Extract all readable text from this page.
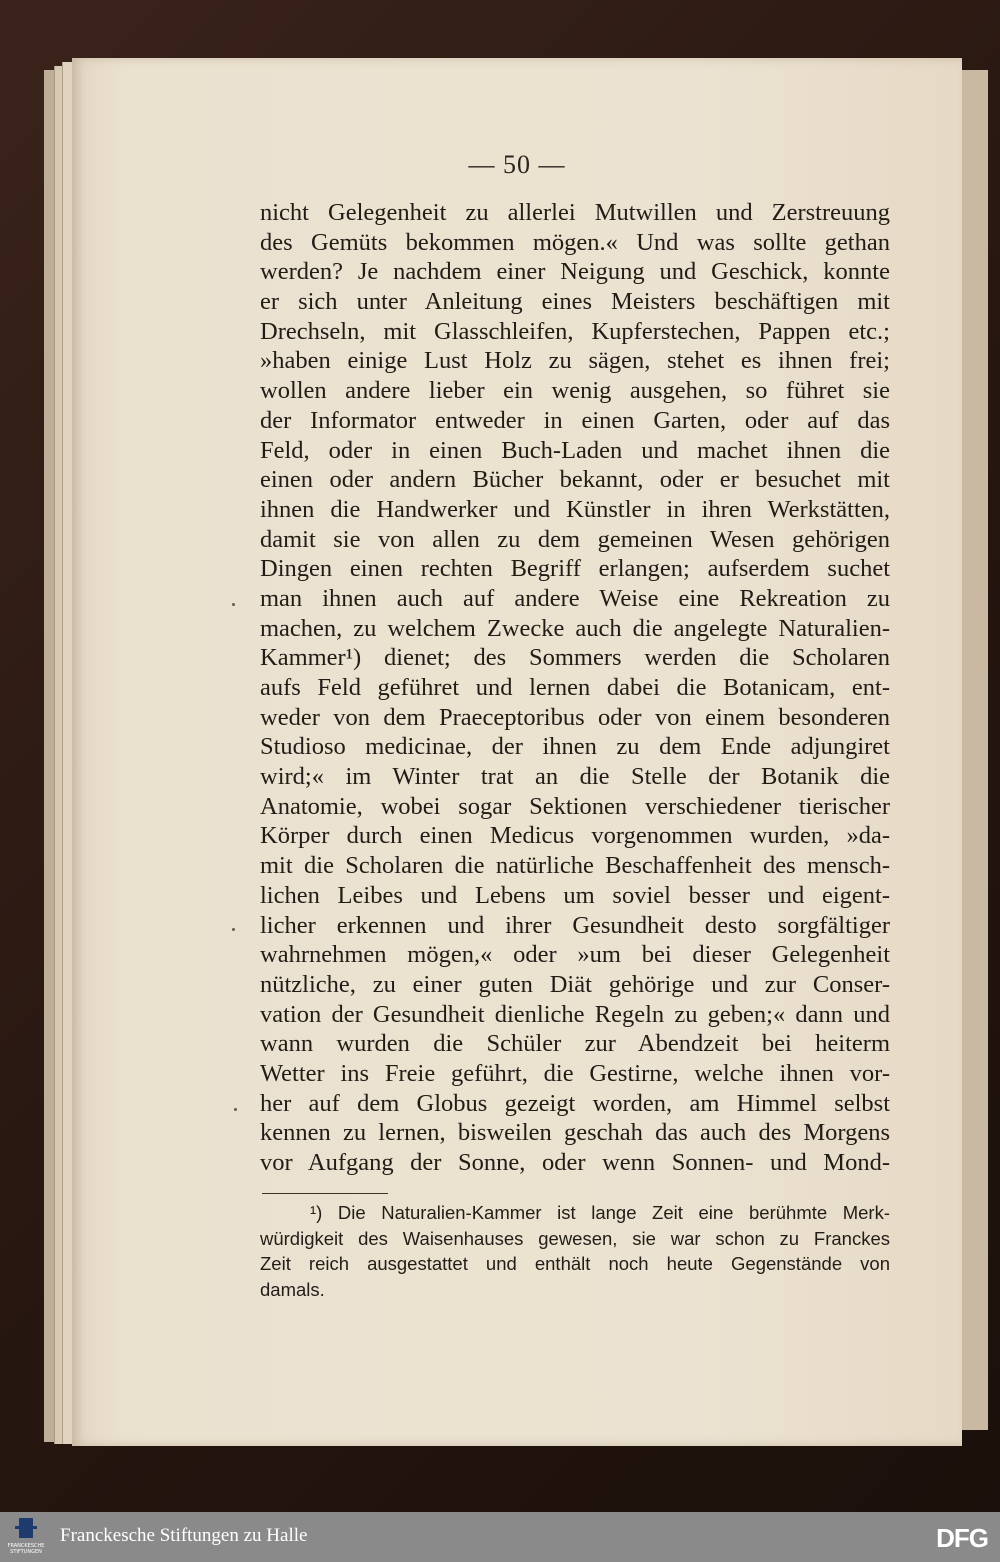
— 50 —
nicht Gelegenheit zu allerlei Mutwillen und Zerstreuung
des Gemüts bekommen mögen.« Und was sollte gethan
werden? Je nachdem einer Neigung und Geschick, konnte
er sich unter Anleitung eines Meisters beschäftigen mit
Drechseln, mit Glasschleifen, Kupferstechen, Pappen etc.;
»haben einige Lust Holz zu sägen, stehet es ihnen frei;
wollen andere lieber ein wenig ausgehen, so führet sie
der Informator entweder in einen Garten, oder auf das
Feld, oder in einen Buch-Laden und machet ihnen die
einen oder andern Bücher bekannt, oder er besuchet mit
ihnen die Handwerker und Künstler in ihren Werkstätten,
damit sie von allen zu dem gemeinen Wesen gehörigen
Dingen einen rechten Begriff erlangen; aufserdem suchet
man ihnen auch auf andere Weise eine Rekreation zu
machen, zu welchem Zwecke auch die angelegte Naturalien-
Kammer¹) dienet; des Sommers werden die Scholaren
aufs Feld geführet und lernen dabei die Botanicam, ent-
weder von dem Praeceptoribus oder von einem besonderen
Studioso medicinae, der ihnen zu dem Ende adjungiret
wird;« im Winter trat an die Stelle der Botanik die
Anatomie, wobei sogar Sektionen verschiedener tierischer
Körper durch einen Medicus vorgenommen wurden, »da-
mit die Scholaren die natürliche Beschaffenheit des mensch-
lichen Leibes und Lebens um soviel besser und eigent-
licher erkennen und ihrer Gesundheit desto sorgfältiger
wahrnehmen mögen,« oder »um bei dieser Gelegenheit
nützliche, zu einer guten Diät gehörige und zur Conser-
vation der Gesundheit dienliche Regeln zu geben;« dann und
wann wurden die Schüler zur Abendzeit bei heiterm
Wetter ins Freie geführt, die Gestirne, welche ihnen vor-
her auf dem Globus gezeigt worden, am Himmel selbst
kennen zu lernen, bisweilen geschah das auch des Morgens
vor Aufgang der Sonne, oder wenn Sonnen- und Mond-
¹) Die Naturalien-Kammer ist lange Zeit eine berühmte Merk-
würdigkeit des Waisenhauses gewesen, sie war schon zu Franckes
Zeit reich ausgestattet und enthält noch heute Gegenstände von
damals.
FRANCKESCHE STIFTUNGEN
Franckesche Stiftungen zu Halle	DFG
